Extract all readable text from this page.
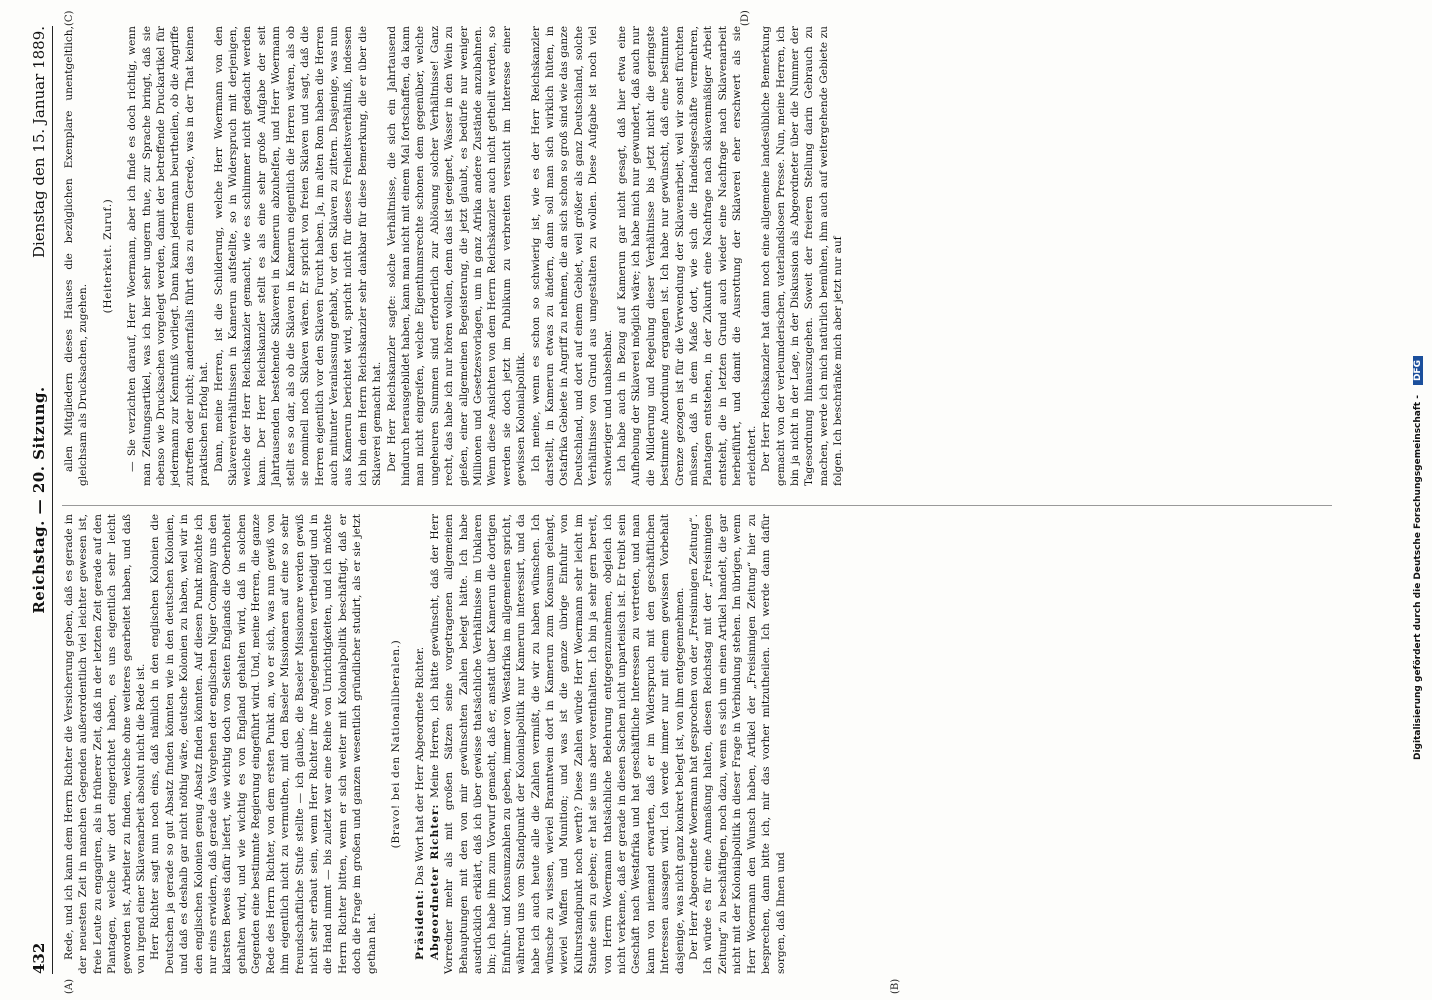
432
Reichstag. — 20. Sitzung.
Dienstag den 15. Januar 1889.
(A)	(B)
(C)	(D)

Rede, und ich kann dem Herrn Richter die Versicherung geben, daß es gerade in der neuesten Zeit in manchen Gegenden außerordentlich viel leichter gewesen ist, freie Leute zu engagiren, als in früherer Zeit, daß in der letzten Zeit gerade auf den Plantagen, welche wir dort eingerichtet haben, es uns eigentlich sehr leicht geworden ist, Arbeiter zu finden, welche ohne weiteres gearbeitet haben, und daß von irgend einer Sklavenarbeit absolut nicht die Rede ist. Herr Richter sagt nun noch eins, daß nämlich in den englischen Kolonien die Deutschen ja gerade so gut Absatz finden könnten wie in den deutschen Kolonien, und daß es deshalb gar nicht nöthig wäre, deutsche Kolonien zu haben, weil wir in den englischen Kolonien genug Absatz finden könnten. Auf diesen Punkt möchte ich nur eins erwidern, daß gerade das Vorgehen der englischen Niger Company uns den klarsten Beweis dafür liefert, wie wichtig doch von Seiten Englands die Oberhoheit gehalten wird, und wie wichtig es von England gehalten wird, daß in solchen Gegenden eine bestimmte Regierung eingeführt wird. Und, meine Herren, die ganze Rede des Herrn Richter, von dem ersten Punkt an, wo er sich, was nun gewiß von ihm eigentlich nicht zu vermuthen, mit den Baseler Missionaren auf eine so sehr freundschaftliche Stufe stellte — ich glaube, die Baseler Missionare werden gewiß nicht sehr erbaut sein, wenn Herr Richter ihre Angelegenheiten vertheidigt und in die Hand nimmt — bis zuletzt war eine Reihe von Unrichtigkeiten, und ich möchte Herrn Richter bitten, wenn er sich weiter mit Kolonialpolitik beschäftigt, daß er doch die Frage im großen und ganzen wesentlich gründlicher studirt, als er sie jetzt gethan hat.

(Bravo! bei den Nationalliberalen.)

Präsident: Das Wort hat der Herr Abgeordnete Richter. Abgeordneter Richter: Meine Herren, ich hätte gewünscht, daß der Herr Vorredner mehr als mit großen Sätzen seine vorgetragenen allgemeinen Behauptungen mit den von mir gewünschten Zahlen belegt hätte. Ich habe ausdrücklich erklärt, daß ich über gewisse thatsächliche Verhältnisse im Unklaren bin; ich habe ihm zum Vorwurf gemacht, daß er, anstatt über Kamerun die dortigen Einfuhr- und Konsumzahlen zu geben, immer von Westafrika im allgemeinen spricht, während uns vom Standpunkt der Kolonialpolitik nur Kamerun interessirt, und da habe ich auch heute alle die Zahlen vermißt, die wir zu haben wünschen. Ich wünsche zu wissen, wieviel Branntwein dort in Kamerun zum Konsum gelangt, wieviel Waffen und Munition; und was ist die ganze übrige Einfuhr von Kulturstandpunkt noch werth? Diese Zahlen würde Herr Woermann sehr leicht im Stande sein zu geben; er hat sie uns aber vorenthalten. Ich bin ja sehr gern bereit, von Herrn Woermann thatsächliche Belehrung entgegenzunehmen, obgleich ich nicht verkenne, daß er gerade in diesen Sachen nicht unparteiisch ist. Er treibt sein Geschäft nach Westafrika und hat geschäftliche Interessen zu vertreten, und man kann von niemand erwarten, daß er im Widerspruch mit den geschäftlichen Interessen aussagen wird. Ich werde immer nur mit einem gewissen Vorbehalt dasjenige, was nicht ganz konkret belegt ist, von ihm entgegennehmen. Der Herr Abgeordnete Woermann hat gesprochen von der „Freisinnigen Zeitung“. Ich würde es für eine Anmaßung halten, diesen Reichstag mit der „Freisinnigen Zeitung“ zu beschäftigen, noch dazu, wenn es sich um einen Artikel handelt, die gar nicht mit der Kolonialpolitik in dieser Frage in Verbindung stehen. Im übrigen, wenn Herr Woermann den Wunsch haben, Artikel der „Freisinnigen Zeitung“ hier zu besprechen, dann bitte ich, mir das vorher mitzutheilen. Ich werde dann dafür sorgen, daß Ihnen und

allen Mitgliedern dieses Hauses die bezüglichen Exemplare unentgeltlich, gleichsam als Drucksachen, zugehen.

(Heiterkeit. Zuruf.) — Sie verzichten darauf, Herr Woermann, aber ich finde es doch richtig, wenn man Zeitungsartikel, was ich hier sehr ungern thue, zur Sprache bringt, daß sie ebenso wie Drucksachen vorgelegt werden, damit der betreffende Druckartikel für jedermann zur Kenntniß vorliegt. Dann kann jedermann beurtheilen, ob die Angriffe zutreffen oder nicht; andernfalls führt das zu einem Gerede, was in der That keinen praktischen Erfolg hat. Dann, meine Herren, ist die Schilderung, welche Herr Woermann von den Sklavereiverhältnissen in Kamerun aufstellte, so in Widerspruch mit derjenigen, welche der Herr Reichskanzler gemacht, wie es schlimmer nicht gedacht werden kann. Der Herr Reichskanzler stellt es als eine sehr große Aufgabe der seit Jahrtausenden bestehende Sklaverei in Kamerun abzuhelfen, und Herr Woermann stellt es so dar, als ob die Sklaven in Kamerun eigentlich die Herren wären, als ob sie nominell noch Sklaven wären. Er spricht von freien Sklaven und sagt, daß die Herren eigentlich vor den Sklaven Furcht haben. Ja, im alten Rom haben die Herren auch mitunter Veranlassung gehabt, vor den Sklaven zu zittern. Dasjenige, was nun aus Kamerun berichtet wird, spricht nicht für dieses Freiheitsverhältniß, indessen ich bin dem Herrn Reichskanzler sehr dankbar für diese Bemerkung, die er über die Sklaverei gemacht hat. Der Herr Reichskanzler sagte: solche Verhältnisse, die sich ein Jahrtausend hindurch herausgebildet haben, kann man nicht mit einem Mal fortschaffen, da kann man nicht eingreifen, welche Eigenthumsrechte schonen dem gegenüber, welche ungeheuren Summen sind erforderlich zur Ablösung solcher Verhältnisse! Ganz recht, das habe ich nur hören wollen, denn das ist geeignet, Wasser in den Wein zu gießen, einer allgemeinen Begeisterung, die jetzt glaubt, es bedürfe nur weniger Millionen und Gesetzesvorlagen, um in ganz Afrika andere Zustände anzubahnen. Wenn diese Ansichten von dem Herrn Reichskanzler auch nicht getheilt werden, so werden sie doch jetzt im Publikum zu verbreiten versucht im Interesse einer gewissen Kolonialpolitik. Ich meine, wenn es schon so schwierig ist, wie es der Herr Reichskanzler darstellt, in Kamerun etwas zu ändern, dann soll man sich wirklich hüten, in Ostafrika Gebiete in Angriff zu nehmen, die an sich schon so groß sind wie das ganze Deutschland, und dort auf einem Gebiet, weil größer als ganz Deutschland, solche Verhältnisse von Grund aus umgestalten zu wollen. Diese Aufgabe ist noch viel schwieriger und unabsehbar. Ich habe auch in Bezug auf Kamerun gar nicht gesagt, daß hier etwa eine Aufhebung der Sklaverei möglich wäre; ich habe mich nur gewundert, daß auch nur die Milderung und Regelung dieser Verhältnisse bis jetzt nicht die geringste bestimmte Anordnung ergangen ist. Ich habe nur gewünscht, daß eine bestimmte Grenze gezogen ist für die Verwendung der Sklavenarbeit, weil wir sonst fürchten müssen, daß in dem Maße dort, wie sich die Handelsgeschäfte vermehren, Plantagen entstehen, in der Zukunft eine Nachfrage nach sklavenmäßiger Arbeit entsteht, die in letzten Grund auch wieder eine Nachfrage nach Sklavenarbeit herbeiführt, und damit die Ausrottung der Sklaverei eher erschwert als sie erleichtert. Der Herr Reichskanzler hat dann noch eine allgemeine landesübliche Bemerkung gemacht von der verleumderischen, vaterlandslosen Presse. Nun, meine Herren, ich bin ja nicht in der Lage, in der Diskussion als Abgeordneter über die Nummer der Tagesordnung hinauszugehen. Soweit der freieren Stellung darin Gebrauch zu machen, werde ich mich natürlich bemühen, ihm auch auf weitergehende Gebiete zu folgen. Ich beschränke mich aber jetzt nur auf

Digitalisierung gefördert durch die Deutsche Forschungsgemeinschaft -
DFG
